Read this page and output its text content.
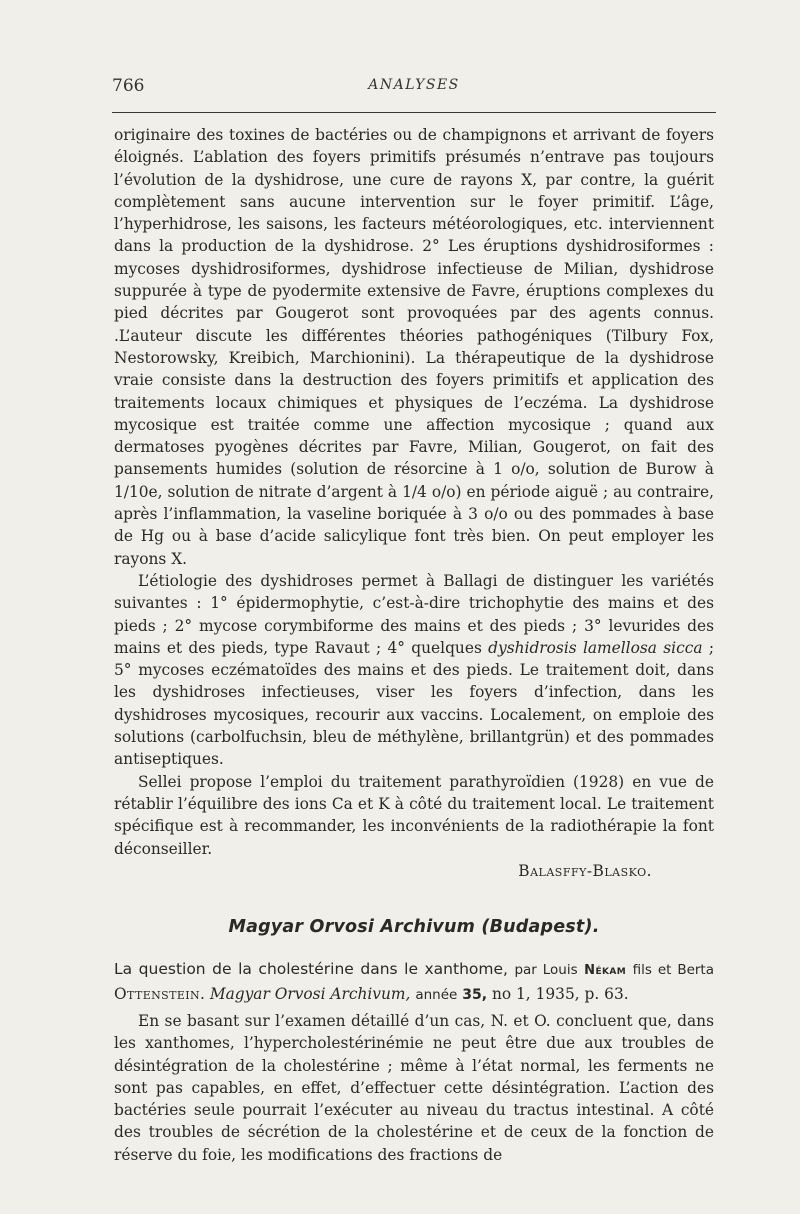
766	ANALYSES

originaire des toxines de bactéries ou de champignons et arrivant de foyers éloignés. L’ablation des foyers primitifs présumés n’entrave pas toujours l’évolution de la dyshidrose, une cure de rayons X, par contre, la guérit complètement sans aucune intervention sur le foyer primitif. L’âge, l’hyperhidrose, les saisons, les facteurs météorologiques, etc. interviennent dans la production de la dyshidrose. 2° Les éruptions dyshidrosiformes : mycoses dyshidrosiformes, dyshidrose infectieuse de Milian, dyshidrose suppurée à type de pyodermite extensive de Favre, éruptions complexes du pied décrites par Gougerot sont provoquées par des agents connus. .L’auteur discute les différentes théories pathogéniques (Tilbury Fox, Nestorowsky, Kreibich, Marchionini). La thérapeutique de la dyshidrose vraie consiste dans la destruction des foyers primitifs et application des traitements locaux chimiques et physiques de l’eczéma. La dyshidrose mycosique est traitée comme une affection mycosique ; quand aux dermatoses pyogènes décrites par Favre, Milian, Gougerot, on fait des pansements humides (solution de résorcine à 1 o/o, solution de Burow à 1/10e, solution de nitrate d’argent à 1/4 o/o) en période aiguë ; au contraire, après l’inflammation, la vaseline boriquée à 3 o/o ou des pommades à base de Hg ou à base d’acide salicylique font très bien. On peut employer les rayons X.

L’étiologie des dyshidroses permet à Ballagi de distinguer les variétés suivantes : 1° épidermophytie, c’est-à-dire trichophytie des mains et des pieds ; 2° mycose corymbiforme des mains et des pieds ; 3° levurides des mains et des pieds, type Ravaut ; 4° quelques dyshidrosis lamellosa sicca ; 5° mycoses eczématoïdes des mains et des pieds. Le traitement doit, dans les dyshidroses infectieuses, viser les foyers d’infection, dans les dyshidroses mycosiques, recourir aux vaccins. Localement, on emploie des solutions (carbolfuchsin, bleu de méthylène, brillantgrün) et des pommades antiseptiques.

Sellei propose l’emploi du traitement parathyroïdien (1928) en vue de rétablir l’équilibre des ions Ca et K à côté du traitement local. Le traitement spécifique est à recommander, les inconvénients de la radiothérapie la font déconseiller.
Balasffy-Blasko.
Magyar Orvosi Archivum (Budapest).

La question de la cholestérine dans le xanthome, par Louis Nékam fils et Berta Ottenstein. Magyar Orvosi Archivum, année 35, no 1, 1935, p. 63.

En se basant sur l’examen détaillé d’un cas, N. et O. concluent que, dans les xanthomes, l’hypercholestérinémie ne peut être due aux troubles de désintégration de la cholestérine ; même à l’état normal, les ferments ne sont pas capables, en effet, d’effectuer cette désintégration. L’action des bactéries seule pourrait l’exécuter au niveau du tractus intestinal. A côté des troubles de sécrétion de la cholestérine et de ceux de la fonction de réserve du foie, les modifications des fractions de
